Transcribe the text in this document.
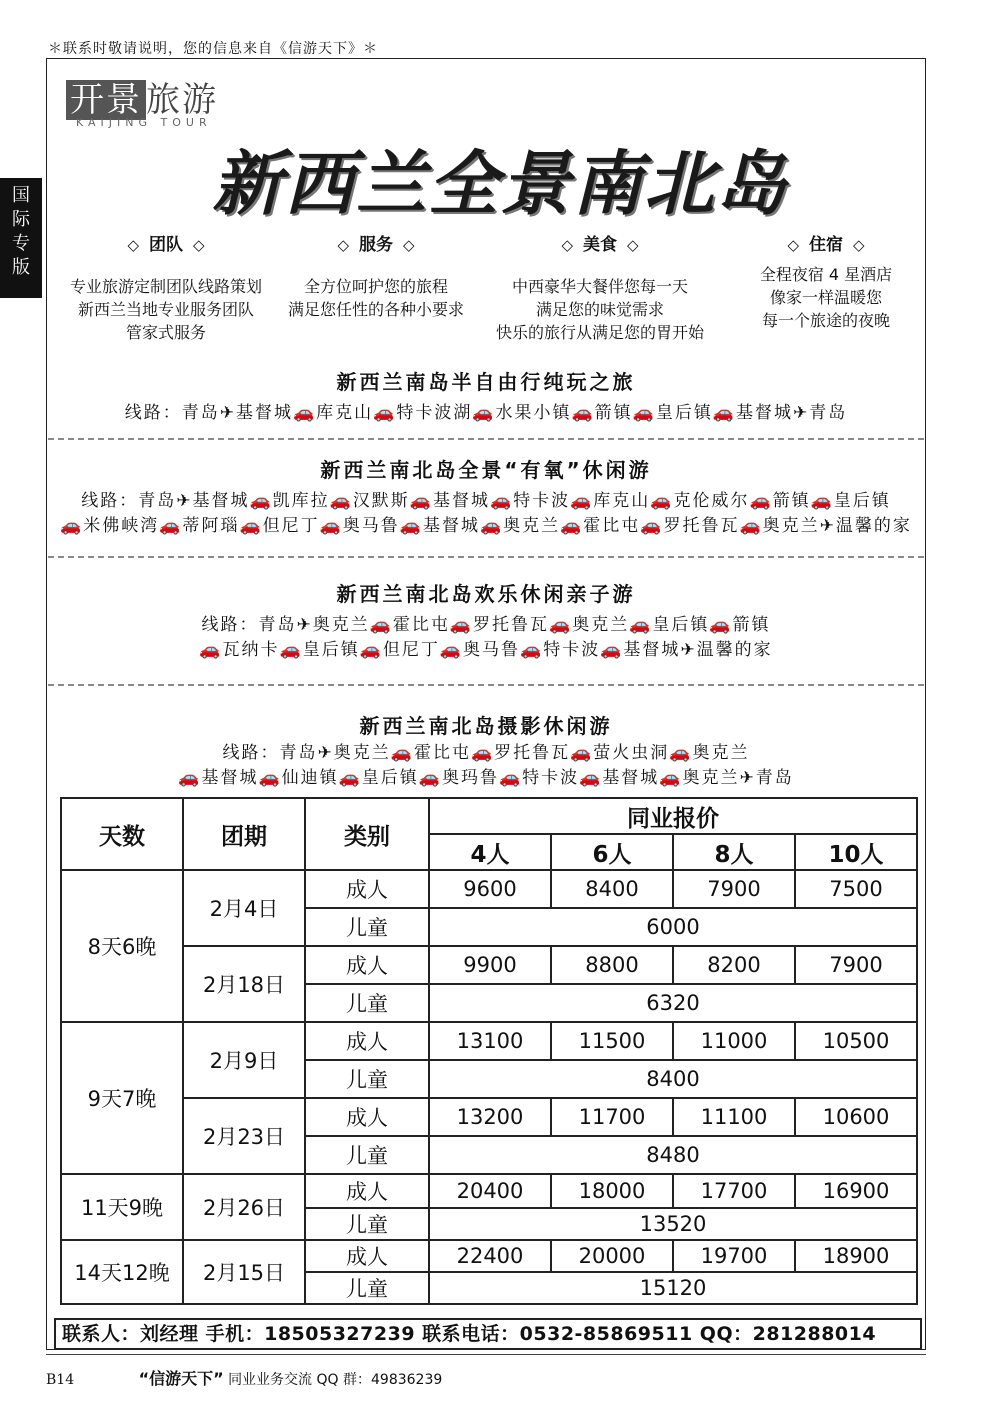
＊联系时敬请说明，您的信息来自《信游天下》＊
国
际
专
版
开景 旅游
KAIJING TOUR
新西兰全景南北岛
◇ 团队 ◇
专业旅游定制团队线路策划
新西兰当地专业服务团队
管家式服务
◇ 服务 ◇
全方位呵护您的旅程
满足您任性的各种小要求
◇ 美食 ◇
中西豪华大餐伴您每一天
满足您的味觉需求
快乐的旅行从满足您的胃开始
◇ 住宿 ◇
全程夜宿 4 星酒店
像家一样温暖您
每一个旅途的夜晚
新西兰南岛半自由行纯玩之旅
线路：青岛✈基督城🚗库克山🚗特卡波湖🚗水果小镇🚗箭镇🚗皇后镇🚗基督城✈青岛
新西兰南北岛全景“有氧”休闲游
线路：青岛✈基督城🚗凯库拉🚗汉默斯🚗基督城🚗特卡波🚗库克山🚗克伦威尔🚗箭镇🚗皇后镇
🚗米佛峡湾🚗蒂阿瑙🚗但尼丁🚗奥马鲁🚗基督城🚗奥克兰🚗霍比屯🚗罗托鲁瓦🚗奥克兰✈温馨的家
新西兰南北岛欢乐休闲亲子游
线路：青岛✈奥克兰🚗霍比屯🚗罗托鲁瓦🚗奥克兰🚗皇后镇🚗箭镇
🚗瓦纳卡🚗皇后镇🚗但尼丁🚗奥马鲁🚗特卡波🚗基督城✈温馨的家
新西兰南北岛摄影休闲游
线路：青岛✈奥克兰🚗霍比屯🚗罗托鲁瓦🚗萤火虫洞🚗奥克兰
🚗基督城🚗仙迪镇🚗皇后镇🚗奥玛鲁🚗特卡波🚗基督城🚗奥克兰✈青岛
天数	团期	类别	同业报价			
			4人	6人	8人	10人
8天6晚	2月4日	成人	9600	8400	7900	7500
		儿童	6000			
	2月18日	成人	9900	8800	8200	7900
		儿童	6320			
9天7晚	2月9日	成人	13100	11500	11000	10500
		儿童	8400			
	2月23日	成人	13200	11700	11100	10600
		儿童	8480			
11天9晚	2月26日	成人	20400	18000	17700	16900
		儿童	13520			
14天12晚	2月15日	成人	22400	20000	19700	18900
		儿童	15120			
联系人：刘经理 手机：18505327239 联系电话：0532-85869511 QQ：281288014
B14	“信游天下” 同业业务交流 QQ 群：49836239
